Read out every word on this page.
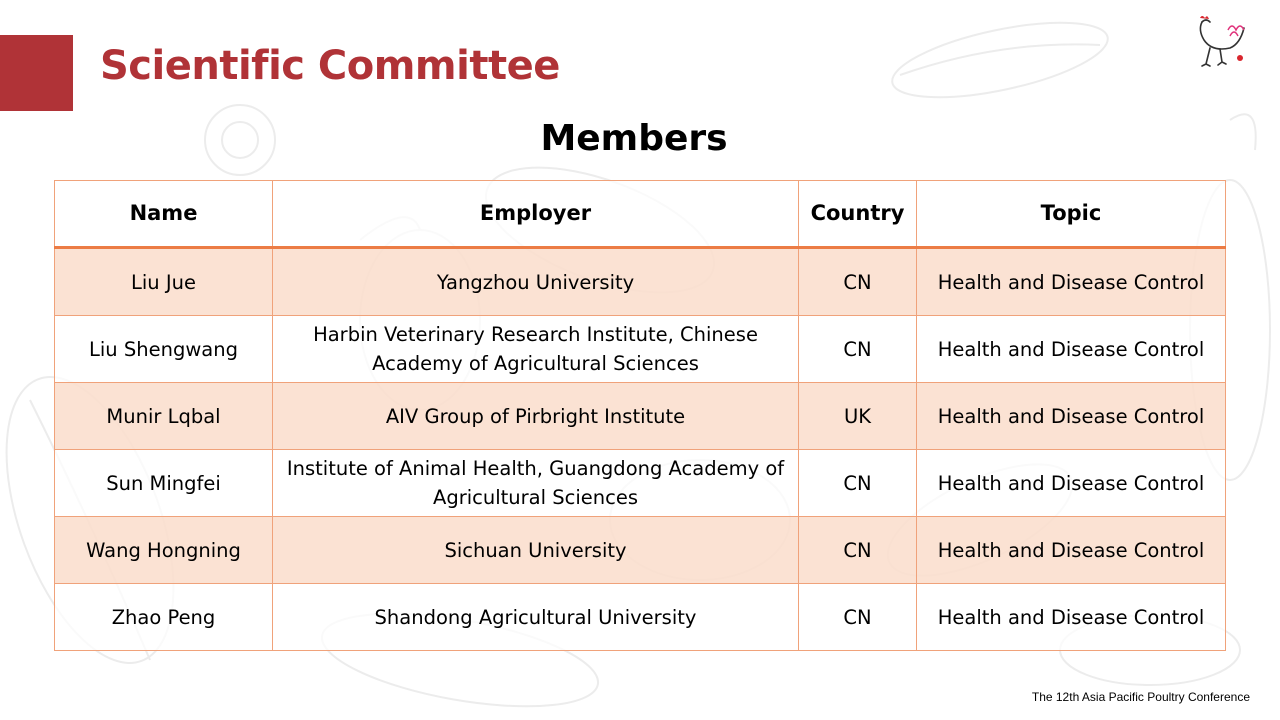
Scientific Committee
Members
Name	Employer	Country	Topic
Liu Jue	Yangzhou University	CN	Health and Disease Control
Liu Shengwang	Harbin Veterinary Research Institute, Chinese Academy of Agricultural Sciences	CN	Health and Disease Control
Munir Lqbal	AIV Group of Pirbright Institute	UK	Health and Disease Control
Sun Mingfei	Institute of Animal Health, Guangdong Academy of Agricultural Sciences	CN	Health and Disease Control
Wang Hongning	Sichuan University	CN	Health and Disease Control
Zhao Peng	Shandong Agricultural University	CN	Health and Disease Control
The 12th Asia Pacific Poultry Conference
